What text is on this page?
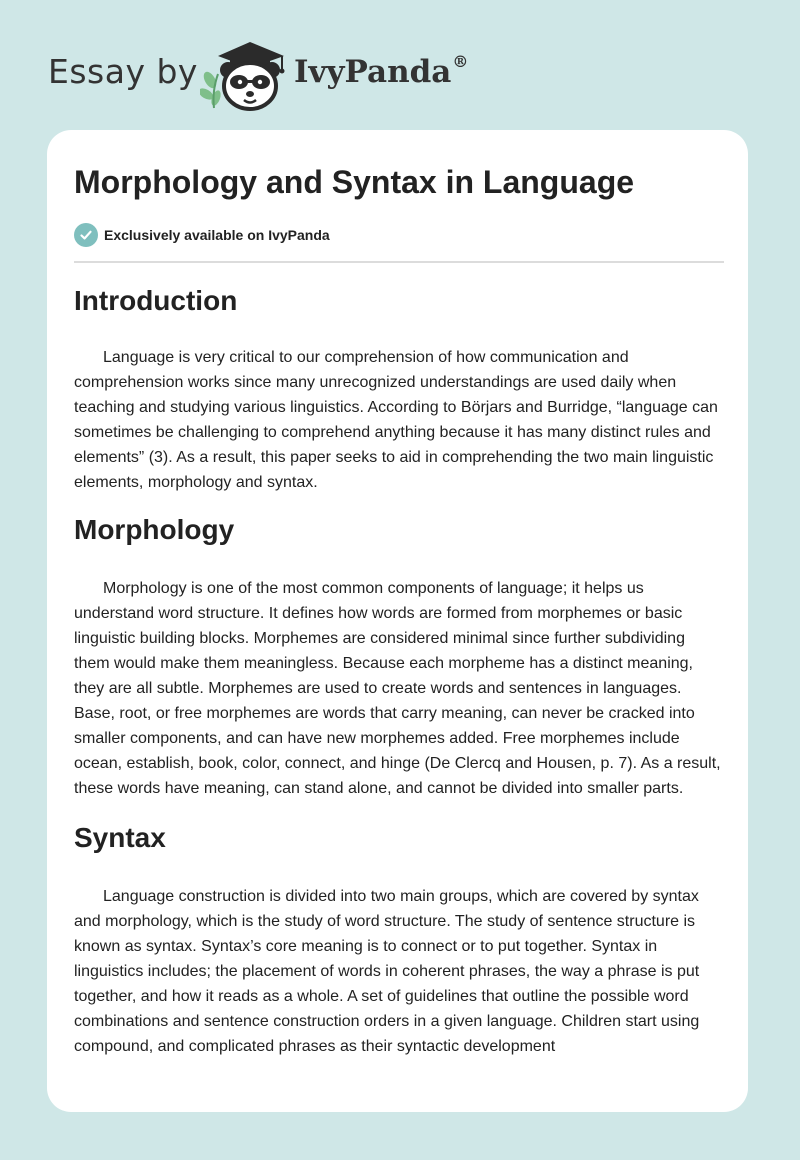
Essay by	IvyPanda®
Morphology and Syntax in Language
Exclusively available on IvyPanda
Introduction

Language is very critical to our comprehension of how communication and comprehension works since many unrecognized understandings are used daily when teaching and studying various linguistics. According to Börjars and Burridge, “language can sometimes be challenging to comprehend anything because it has many distinct rules and elements” (3). As a result, this paper seeks to aid in comprehending the two main linguistic elements, morphology and syntax.

Morphology

Morphology is one of the most common components of language; it helps us understand word structure. It defines how words are formed from morphemes or basic linguistic building blocks. Morphemes are considered minimal since further subdividing them would make them meaningless. Because each morpheme has a distinct meaning, they are all subtle. Morphemes are used to create words and sentences in languages. Base, root, or free morphemes are words that carry meaning, can never be cracked into smaller components, and can have new morphemes added. Free morphemes include ocean, establish, book, color, connect, and hinge (De Clercq and Housen, p. 7). As a result, these words have meaning, can stand alone, and cannot be divided into smaller parts.

Syntax

Language construction is divided into two main groups, which are covered by syntax and morphology, which is the study of word structure. The study of sentence structure is known as syntax. Syntax’s core meaning is to connect or to put together. Syntax in linguistics includes; the placement of words in coherent phrases, the way a phrase is put together, and how it reads as a whole. A set of guidelines that outline the possible word combinations and sentence construction orders in a given language. Children start using compound, and complicated phrases as their syntactic development
